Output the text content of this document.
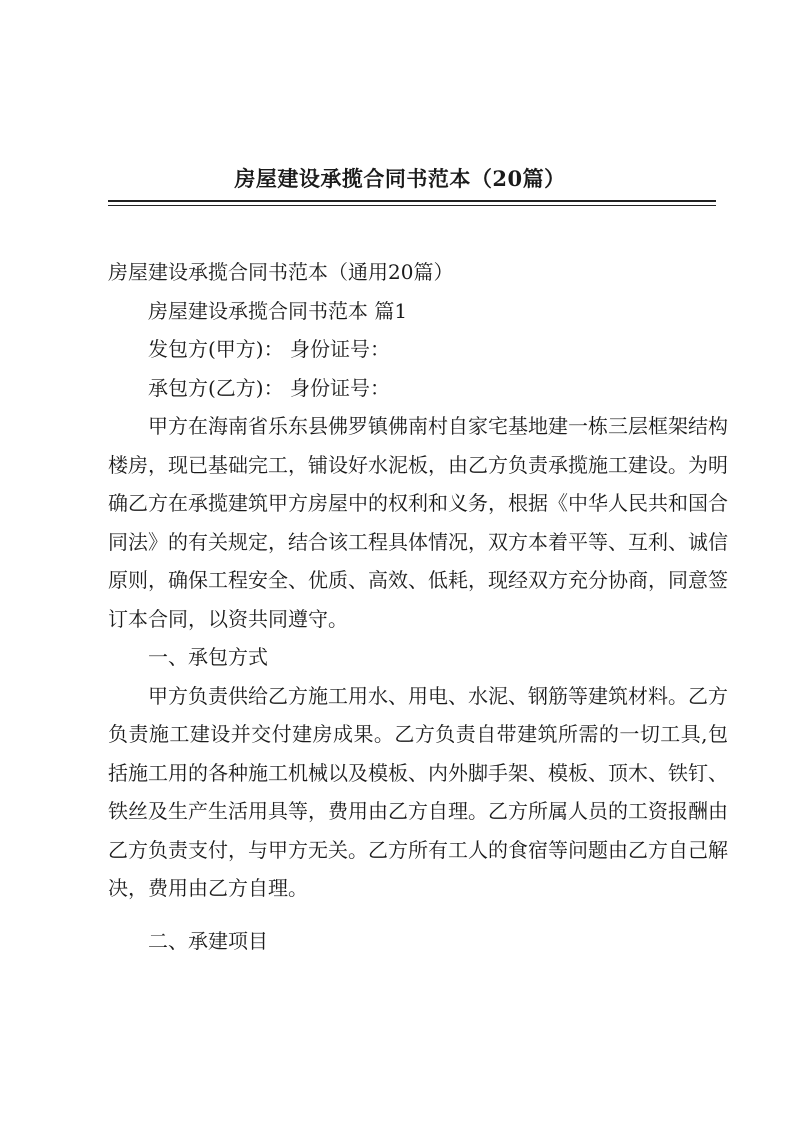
房屋建设承揽合同书范本（20篇）

房屋建设承揽合同书范本（通用20篇）

房屋建设承揽合同书范本 篇1

发包方(甲方)： 身份证号：

承包方(乙方)： 身份证号：

甲方在海南省乐东县佛罗镇佛南村自家宅基地建一栋三层框架结构楼房，现已基础完工，铺设好水泥板，由乙方负责承揽施工建设。为明确乙方在承揽建筑甲方房屋中的权利和义务，根据《中华人民共和国合同法》的有关规定，结合该工程具体情况，双方本着平等、互利、诚信原则，确保工程安全、优质、高效、低耗，现经双方充分协商，同意签订本合同，以资共同遵守。

一、承包方式

甲方负责供给乙方施工用水、用电、水泥、钢筋等建筑材料。乙方负责施工建设并交付建房成果。乙方负责自带建筑所需的一切工具,包括施工用的各种施工机械以及模板、内外脚手架、模板、顶木、铁钉、铁丝及生产生活用具等，费用由乙方自理。乙方所属人员的工资报酬由乙方负责支付，与甲方无关。乙方所有工人的食宿等问题由乙方自己解决，费用由乙方自理。

二、承建项目
